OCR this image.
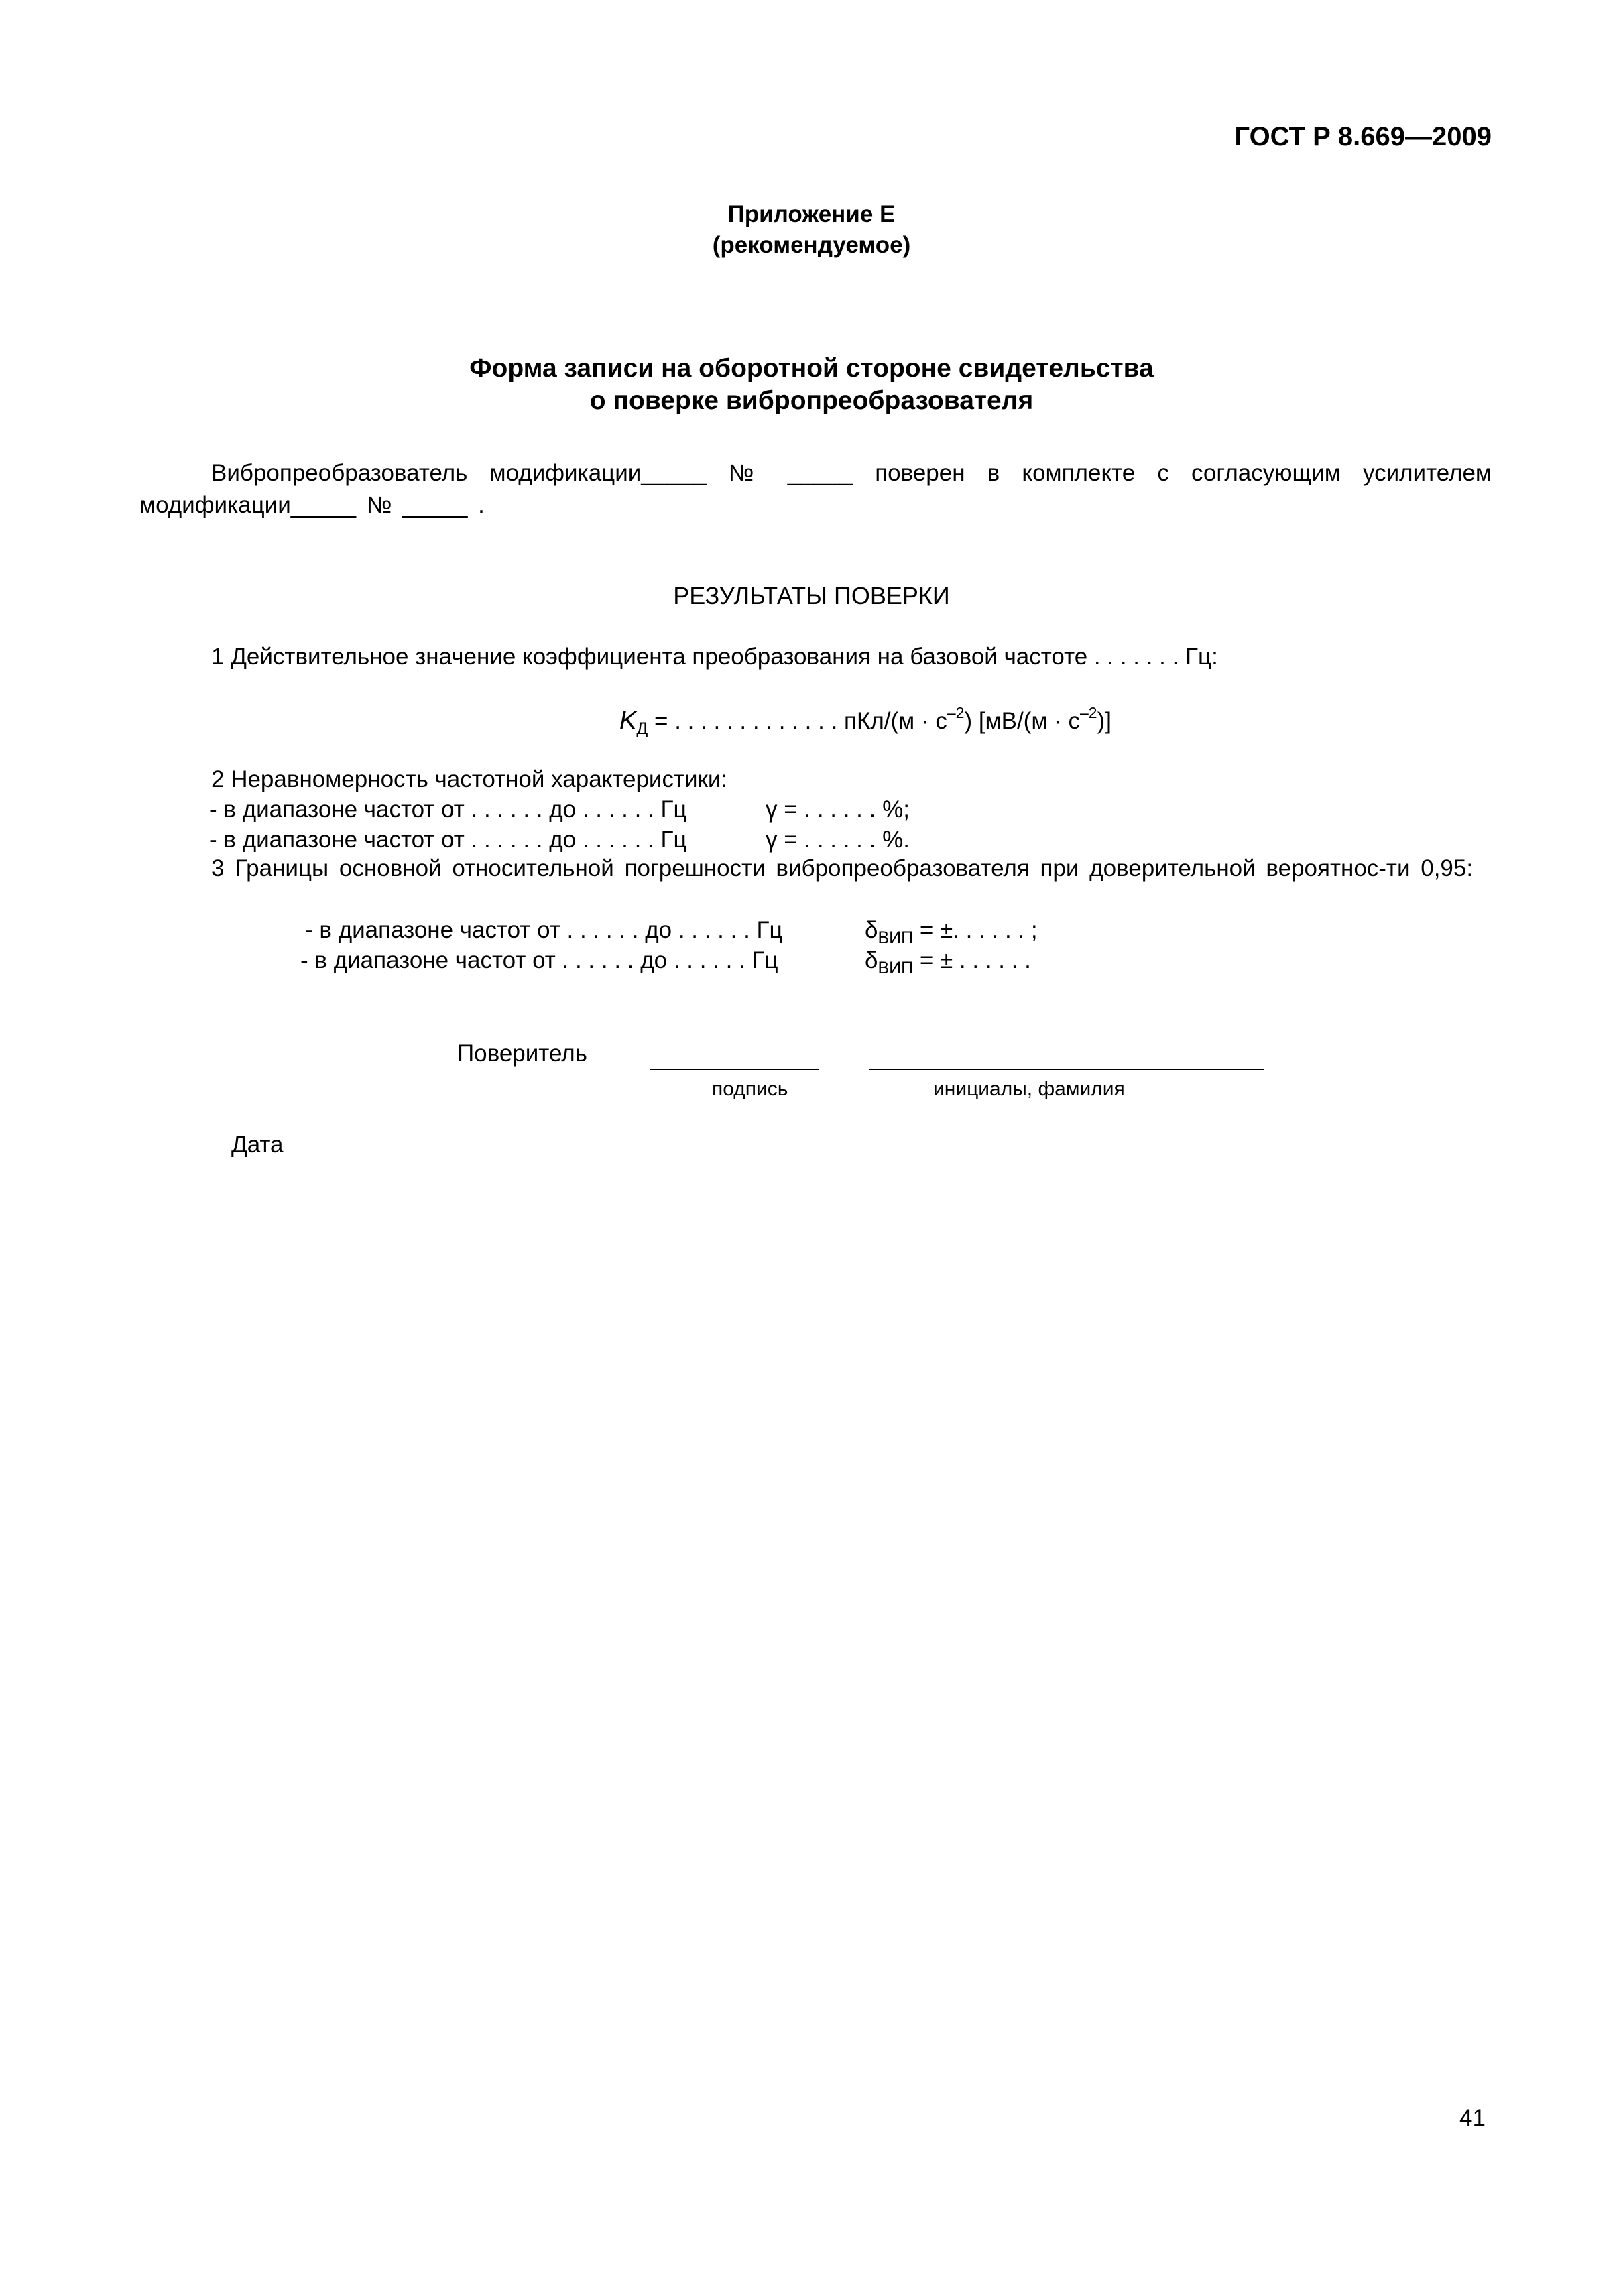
ГОСТ Р 8.669—2009
Приложение Е
(рекомендуемое)
Форма записи на оборотной стороне свидетельства
о поверке вибропреобразователя
Вибропреобразователь модификации_____ № _____ поверен в комплекте с согласующим усилителем модификации_____ № _____ .
РЕЗУЛЬТАТЫ ПОВЕРКИ
1 Действительное значение коэффициента преобразования на базовой частоте . . . . . . . Гц:
$K_Д$ = . . . . . . . . . . . . . $пКл/(м \cdot с^{-2})$ $[мВ/(м \cdot с^{-2})]$
2 Неравномерность частотной характеристики:
- в диапазоне частот от . . . . . . до . . . . . . Гц	γ = . . . . . . %;
- в диапазоне частот от . . . . . . до . . . . . . Гц	γ = . . . . . . %.
3 Границы основной относительной погрешности вибропреобразователя при доверительной вероятнос-ти 0,95:
- в диапазоне частот от . . . . . . до . . . . . . Гц	$\delta_{ВИП}$ = ±. . . . . . ;
- в диапазоне частот от . . . . . . до . . . . . . Гц	$\delta_{ВИП}$ = ± . . . . . .
Поверитель
подпись	инициалы, фамилия
Дата
41
